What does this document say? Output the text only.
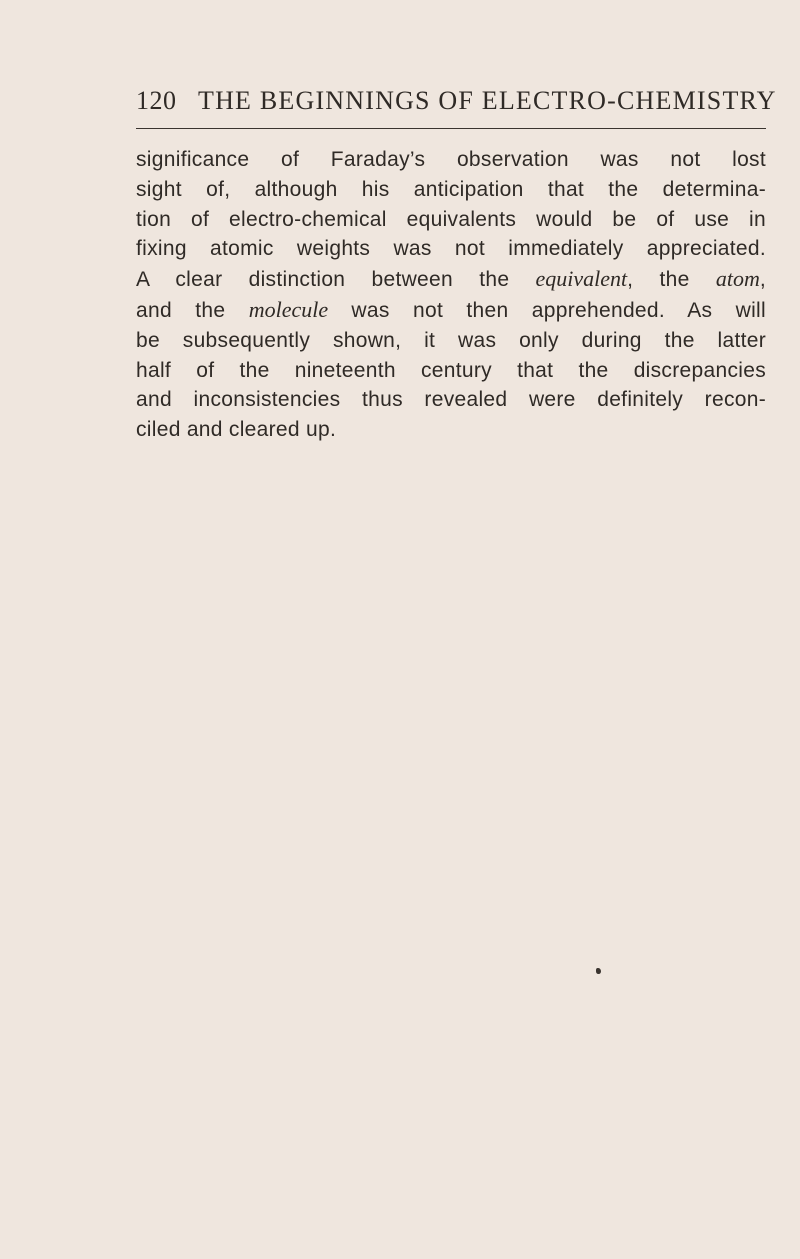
120 THE BEGINNINGS OF ELECTRO-CHEMISTRY
significance of Faraday’s observation was not lost
sight of, although his anticipation that the determina-
tion of electro-chemical equivalents would be of use in
fixing atomic weights was not immediately appreciated.
A clear distinction between the equivalent, the atom,
and the molecule was not then apprehended. As will
be subsequently shown, it was only during the latter
half of the nineteenth century that the discrepancies
and inconsistencies thus revealed were definitely recon-
ciled and cleared up.
